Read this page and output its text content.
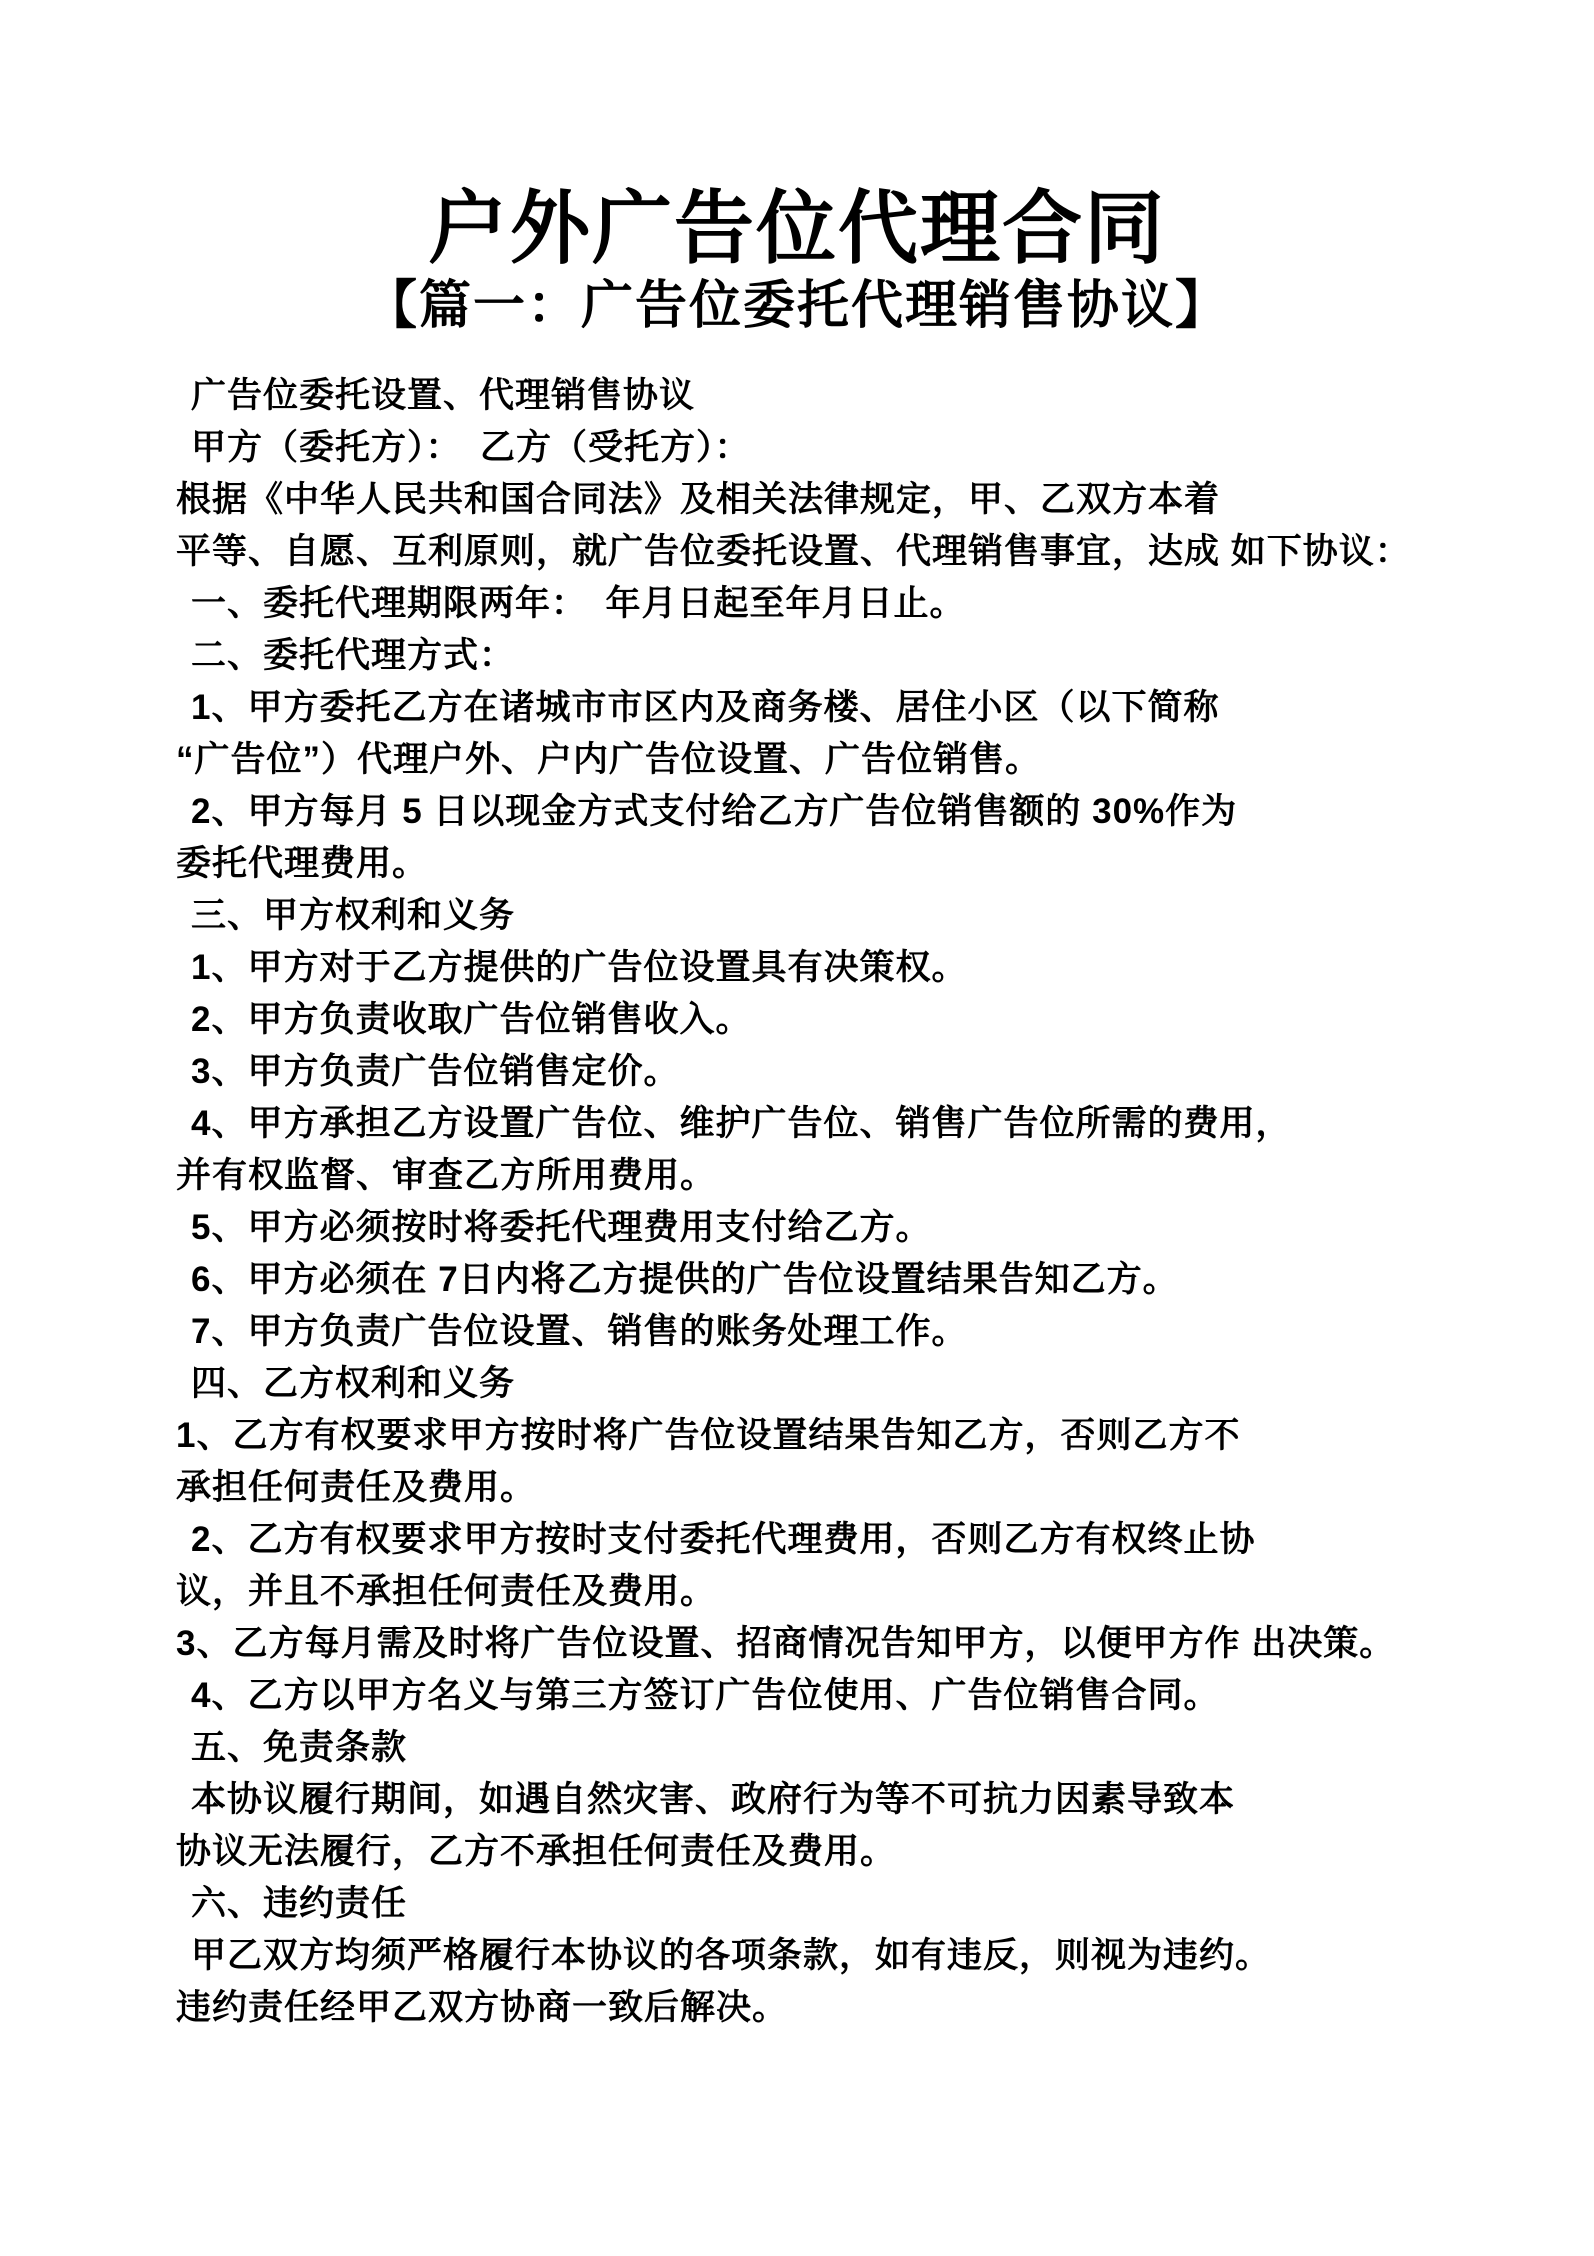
户外广告位代理合同
【篇一：广告位委托代理销售协议】
广告位委托设置、代理销售协议
甲方（委托方）：　乙方（受托方）：
根据《中华人民共和国合同法》及相关法律规定，甲、乙双方本着
平等、自愿、互利原则，就广告位委托设置、代理销售事宜，达成 如下协议：
一、委托代理期限两年：　年月日起至年月日止。
二、委托代理方式：
1、甲方委托乙方在诸城市市区内及商务楼、居住小区（以下简称
“广告位”）代理户外、户内广告位设置、广告位销售。
2、甲方每月 5 日以现金方式支付给乙方广告位销售额的 30%作为
委托代理费用。
三、甲方权利和义务
1、甲方对于乙方提供的广告位设置具有决策权。
2、甲方负责收取广告位销售收入。
3、甲方负责广告位销售定价。
4、甲方承担乙方设置广告位、维护广告位、销售广告位所需的费用，
并有权监督、审查乙方所用费用。
5、甲方必须按时将委托代理费用支付给乙方。
6、甲方必须在 7日内将乙方提供的广告位设置结果告知乙方。
7、甲方负责广告位设置、销售的账务处理工作。
四、乙方权利和义务
1、乙方有权要求甲方按时将广告位设置结果告知乙方，否则乙方不
承担任何责任及费用。
2、乙方有权要求甲方按时支付委托代理费用，否则乙方有权终止协
议，并且不承担任何责任及费用。
3、乙方每月需及时将广告位设置、招商情况告知甲方，以便甲方作 出决策。
4、乙方以甲方名义与第三方签订广告位使用、广告位销售合同。
五、免责条款
本协议履行期间，如遇自然灾害、政府行为等不可抗力因素导致本
协议无法履行，乙方不承担任何责任及费用。
六、违约责任
甲乙双方均须严格履行本协议的各项条款，如有违反，则视为违约。
违约责任经甲乙双方协商一致后解决。
